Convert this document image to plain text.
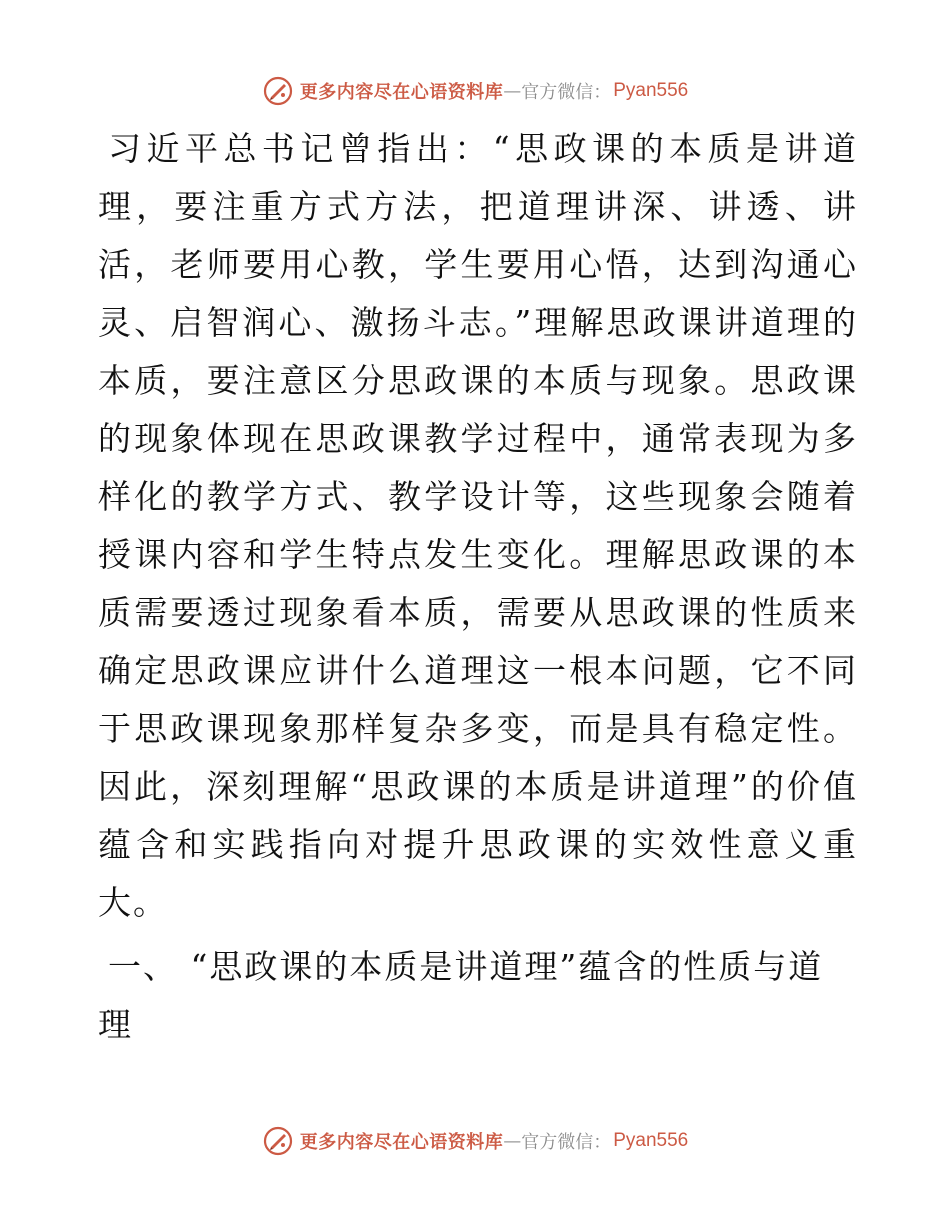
更多内容尽在心语资料库 — 官方微信： Pyan556

习近平总书记曾指出：“思政课的本质是讲道理，要注重方式方法，把道理讲深、讲透、讲活，老师要用心教，学生要用心悟，达到沟通心灵、启智润心、激扬斗志。”理解思政课讲道理的本质，要注意区分思政课的本质与现象。思政课的现象体现在思政课教学过程中，通常表现为多样化的教学方式、教学设计等，这些现象会随着授课内容和学生特点发生变化。理解思政课的本质需要透过现象看本质，需要从思政课的性质来确定思政课应讲什么道理这一根本问题，它不同于思政课现象那样复杂多变，而是具有稳定性。因此，深刻理解“思政课的本质是讲道理”的价值蕴含和实践指向对提升思政课的实效性意义重大。

一、 “思政课的本质是讲道理”蕴含的性质与道理
更多内容尽在心语资料库 — 官方微信： Pyan556
